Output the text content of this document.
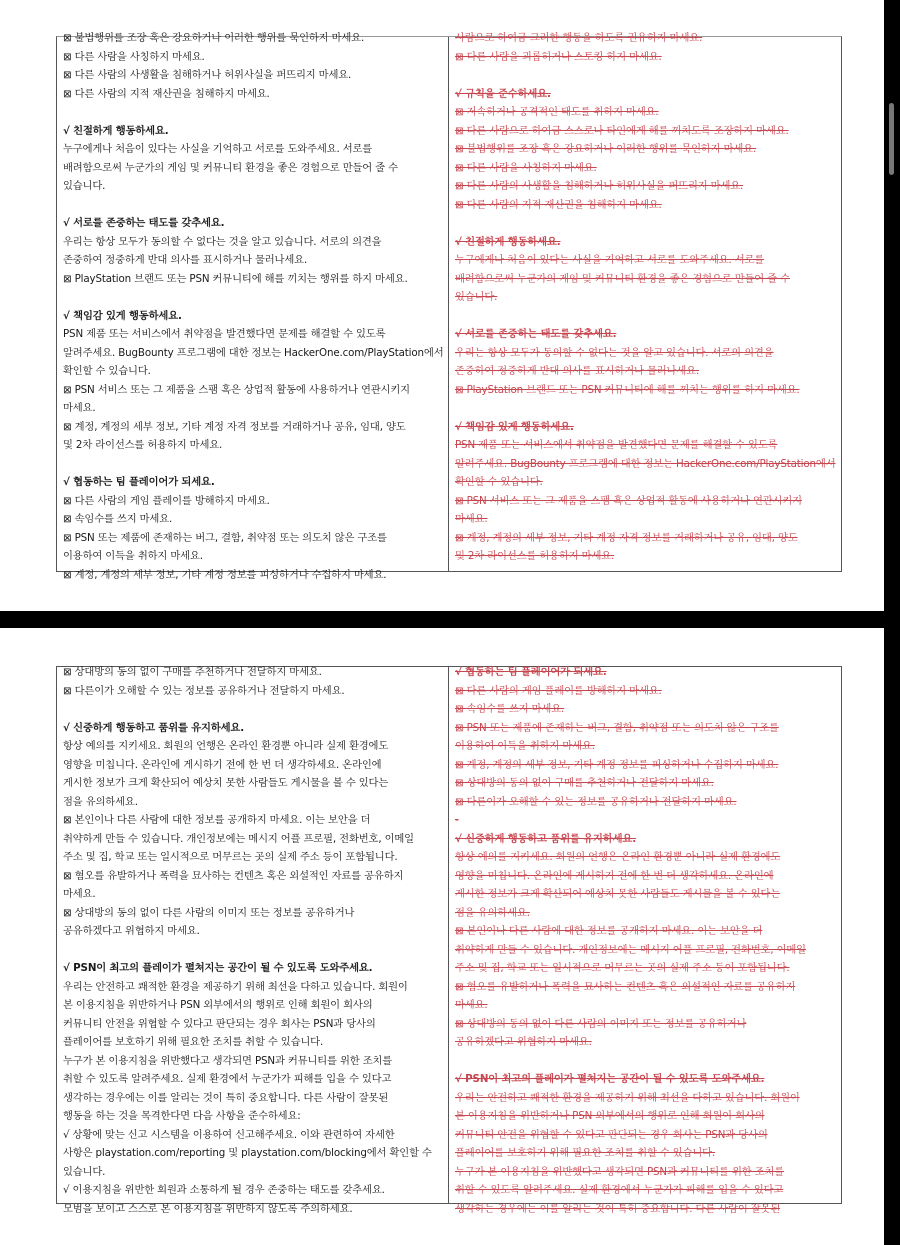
⊠ 불법행위를 조장 혹은 강요하거나 이러한 행위를 묵인하지 마세요.
⊠ 다른 사람을 사칭하지 마세요.
⊠ 다른 사람의 사생활을 침해하거나 허위사실을 퍼뜨리지 마세요.
⊠ 다른 사람의 지적 재산권을 침해하지 마세요.
√ 친절하게 행동하세요.
누구에게나 처음이 있다는 사실을 기억하고 서로를 도와주세요. 서로를
배려함으로써 누군가의 게임 및 커뮤니티 환경을 좋은 경험으로 만들어 줄 수
있습니다.
√ 서로를 존중하는 태도를 갖추세요.
우리는 항상 모두가 동의할 수 없다는 것을 알고 있습니다. 서로의 의견을
존중하여 정중하게 반대 의사를 표시하거나 물러나세요.
⊠ PlayStation 브랜드 또는 PSN 커뮤니티에 해를 끼치는 행위를 하지 마세요.
√ 책임감 있게 행동하세요.
PSN 제품 또는 서비스에서 취약점을 발견했다면 문제를 해결할 수 있도록
알려주세요. BugBounty 프로그램에 대한 정보는 HackerOne.com/PlayStation에서
확인할 수 있습니다.
⊠ PSN 서비스 또는 그 제품을 스팸 혹은 상업적 활동에 사용하거나 연관시키지
마세요.
⊠ 계정, 계정의 세부 정보, 기타 계정 자격 정보를 거래하거나 공유, 임대, 양도
및 2차 라이선스를 허용하지 마세요.
√ 협동하는 팀 플레이어가 되세요.
⊠ 다른 사람의 게임 플레이를 방해하지 마세요.
⊠ 속임수를 쓰지 마세요.
⊠ PSN 또는 제품에 존재하는 버그, 결함, 취약점 또는 의도치 않은 구조를
이용하여 이득을 취하지 마세요.
⊠ 계정, 계정의 세부 정보, 기타 계정 정보를 피싱하거나 수집하지 마세요.
사람으로 하여금 그러한 행동을 하도록 권유하지 마세요.
⊠ 다른 사람을 괴롭히거나 스토킹 하지 마세요.
√ 규칙을 준수하세요.
⊠ 저속하거나 공격적인 태도를 취하지 마세요.
⊠ 다른 사람으로 하여금 스스로나 타인에게 해를 끼치도록 조장하지 마세요.
⊠ 불법행위를 조장 혹은 강요하거나 이러한 행위를 묵인하지 마세요.
⊠ 다른 사람을 사칭하지 마세요.
⊠ 다른 사람의 사생활을 침해하거나 허위사실을 퍼뜨리지 마세요.
⊠ 다른 사람의 지적 재산권을 침해하지 마세요.
√ 친절하게 행동하세요.
누구에게나 처음이 있다는 사실을 기억하고 서로를 도와주세요. 서로를
배려함으로써 누군가의 게임 및 커뮤니티 환경을 좋은 경험으로 만들어 줄 수
있습니다.
√ 서로를 존중하는 태도를 갖추세요.
우리는 항상 모두가 동의할 수 없다는 것을 알고 있습니다. 서로의 의견을
존중하여 정중하게 반대 의사를 표시하거나 물러나세요.
⊠ PlayStation 브랜드 또는 PSN 커뮤니티에 해를 끼치는 행위를 하지 마세요.
√ 책임감 있게 행동하세요.
PSN 제품 또는 서비스에서 취약점을 발견했다면 문제를 해결할 수 있도록
알려주세요. BugBounty 프로그램에 대한 정보는 HackerOne.com/PlayStation에서
확인할 수 있습니다.
⊠ PSN 서비스 또는 그 제품을 스팸 혹은 상업적 활동에 사용하거나 연관시키지
마세요.
⊠ 계정, 계정의 세부 정보, 기타 계정 자격 정보를 거래하거나 공유, 임대, 양도
및 2차 라이선스를 허용하지 마세요.
⊠ 상대방의 동의 없이 구매를 추천하거나 전달하지 마세요.
⊠ 다른이가 오해할 수 있는 정보를 공유하거나 전달하지 마세요.
√ 신중하게 행동하고 품위를 유지하세요.
항상 예의를 지키세요. 회원의 언행은 온라인 환경뿐 아니라 실제 환경에도
영향을 미칩니다. 온라인에 게시하기 전에 한 번 더 생각하세요. 온라인에
게시한 정보가 크게 확산되어 예상치 못한 사람들도 게시물을 볼 수 있다는
점을 유의하세요.
⊠ 본인이나 다른 사람에 대한 정보를 공개하지 마세요. 이는 보안을 더
취약하게 만들 수 있습니다. 개인정보에는 메시지 어플 프로필, 전화번호, 이메일
주소 및 집, 학교 또는 일시적으로 머무르는 곳의 실제 주소 등이 포함됩니다.
⊠ 혐오를 유발하거나 폭력을 묘사하는 컨텐츠 혹은 외설적인 자료를 공유하지
마세요.
⊠ 상대방의 동의 없이 다른 사람의 이미지 또는 정보를 공유하거나
공유하겠다고 위협하지 마세요.
√ PSN이 최고의 플레이가 펼쳐지는 공간이 될 수 있도록 도와주세요.
우리는 안전하고 쾌적한 환경을 제공하기 위해 최선을 다하고 있습니다. 회원이
본 이용지침을 위반하거나 PSN 외부에서의 행위로 인해 회원이 회사의
커뮤니티 안전을 위협할 수 있다고 판단되는 경우 회사는 PSN과 당사의
플레이어를 보호하기 위해 필요한 조치를 취할 수 있습니다.
누구가 본 이용지침을 위반했다고 생각되면 PSN과 커뮤니티를 위한 조치를
취할 수 있도록 알려주세요. 실제 환경에서 누군가가 피해를 입을 수 있다고
생각하는 경우에는 이를 알리는 것이 특히 중요합니다. 다른 사람이 잘못된
행동을 하는 것을 목격한다면 다음 사항을 준수하세요:
√ 상황에 맞는 신고 시스템을 이용하여 신고해주세요. 이와 관련하여 자세한
사항은 playstation.com/reporting 및 playstation.com/blocking에서 확인할 수
있습니다.
√ 이용지침을 위반한 회원과 소통하게 될 경우 존중하는 태도를 갖추세요.
모범을 보이고 스스로 본 이용지침을 위반하지 않도록 주의하세요.
√ 협동하는 팀 플레이어가 되세요.
⊠ 다른 사람의 게임 플레이를 방해하지 마세요.
⊠ 속임수를 쓰지 마세요.
⊠ PSN 또는 제품에 존재하는 버그, 결함, 취약점 또는 의도치 않은 구조를
이용하여 이득을 취하지 마세요.
⊠ 계정, 계정의 세부 정보, 기타 계정 정보를 피싱하거나 수집하지 마세요.
⊠ 상대방의 동의 없이 구매를 추천하거나 전달하지 마세요.
⊠ 다른이가 오해할 수 있는 정보를 공유하거나 전달하지 마세요.
-
√ 신중하게 행동하고 품위를 유지하세요.
항상 예의를 지키세요. 회원의 언행은 온라인 환경뿐 아니라 실제 환경에도
영향을 미칩니다. 온라인에 게시하기 전에 한 번 더 생각하세요. 온라인에
게시한 정보가 크게 확산되어 예상치 못한 사람들도 게시물을 볼 수 있다는
점을 유의하세요.
⊠ 본인이나 다른 사람에 대한 정보를 공개하지 마세요. 이는 보안을 더
취약하게 만들 수 있습니다. 개인정보에는 메시지 어플 프로필, 전화번호, 이메일
주소 및 집, 학교 또는 일시적으로 머무르는 곳의 실제 주소 등이 포함됩니다.
⊠ 혐오를 유발하거나 폭력을 묘사하는 컨텐츠 혹은 외설적인 자료를 공유하지
마세요.
⊠ 상대방의 동의 없이 다른 사람의 이미지 또는 정보를 공유하거나
공유하겠다고 위협하지 마세요.
√ PSN이 최고의 플레이가 펼쳐지는 공간이 될 수 있도록 도와주세요.
우리는 안전하고 쾌적한 환경을 제공하기 위해 최선을 다하고 있습니다. 회원이
본 이용지침을 위반하거나 PSN 외부에서의 행위로 인해 회원이 회사의
커뮤니티 안전을 위협할 수 있다고 판단되는 경우 회사는 PSN과 당사의
플레이어를 보호하기 위해 필요한 조치를 취할 수 있습니다.
누구가 본 이용지침을 위반했다고 생각되면 PSN과 커뮤니티를 위한 조치를
취할 수 있도록 알려주세요. 실제 환경에서 누군가가 피해를 입을 수 있다고
생각하는 경우에는 이를 알리는 것이 특히 중요합니다. 다른 사람이 잘못된
